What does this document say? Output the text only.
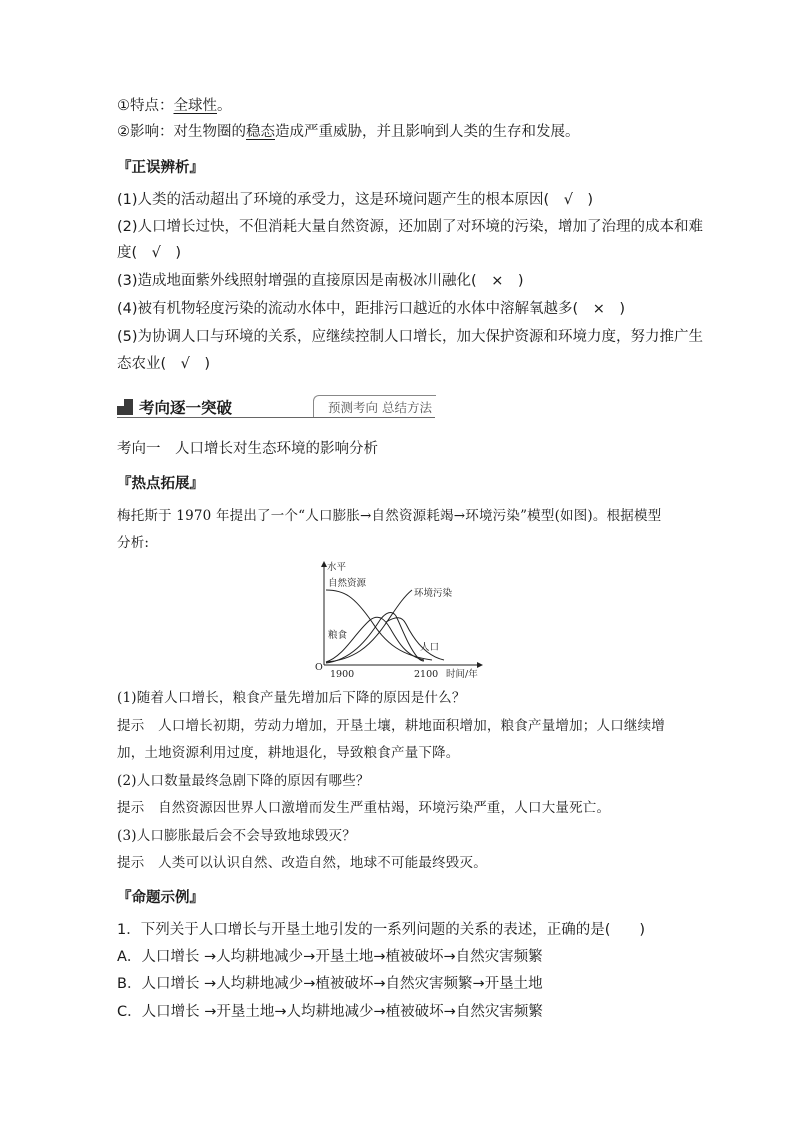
①特点：全球性。
②影响：对生物圈的稳态造成严重威胁，并且影响到人类的生存和发展。
『正误辨析』
(1)人类的活动超出了环境的承受力，这是环境问题产生的根本原因(　√　)
(2)人口增长过快，不但消耗大量自然资源，还加剧了对环境的污染，增加了治理的成本和难
度(　√　)
(3)造成地面紫外线照射增强的直接原因是南极冰川融化(　×　)
(4)被有机物轻度污染的流动水体中，距排污口越近的水体中溶解氧越多(　×　)
(5)为协调人口与环境的关系，应继续控制人口增长，加大保护资源和环境力度，努力推广生
态农业(　√　)
考向逐一突破	预测考向 总结方法
考向一　人口增长对生态环境的影响分析
『热点拓展』
梅托斯于 1970 年提出了一个“人口膨胀→自然资源耗竭→环境污染”模型(如图)。根据模型
分析:
水平
时间/年
O
1900	2100
自然资源
环境污染
粮食
人口
(1)随着人口增长，粮食产量先增加后下降的原因是什么？
提示　人口增长初期，劳动力增加，开垦土壤，耕地面积增加，粮食产量增加；人口继续增
加，土地资源利用过度，耕地退化，导致粮食产量下降。
(2)人口数量最终急剧下降的原因有哪些？
提示　自然资源因世界人口激增而发生严重枯竭，环境污染严重，人口大量死亡。
(3)人口膨胀最后会不会导致地球毁灭？
提示　人类可以认识自然、改造自然，地球不可能最终毁灭。
『命题示例』
1．下列关于人口增长与开垦土地引发的一系列问题的关系的表述，正确的是(　　)
A．人口增长 →人均耕地减少→开垦土地→植被破坏→自然灾害频繁
B．人口增长 →人均耕地减少→植被破坏→自然灾害频繁→开垦土地
C．人口增长 →开垦土地→人均耕地减少→植被破坏→自然灾害频繁
